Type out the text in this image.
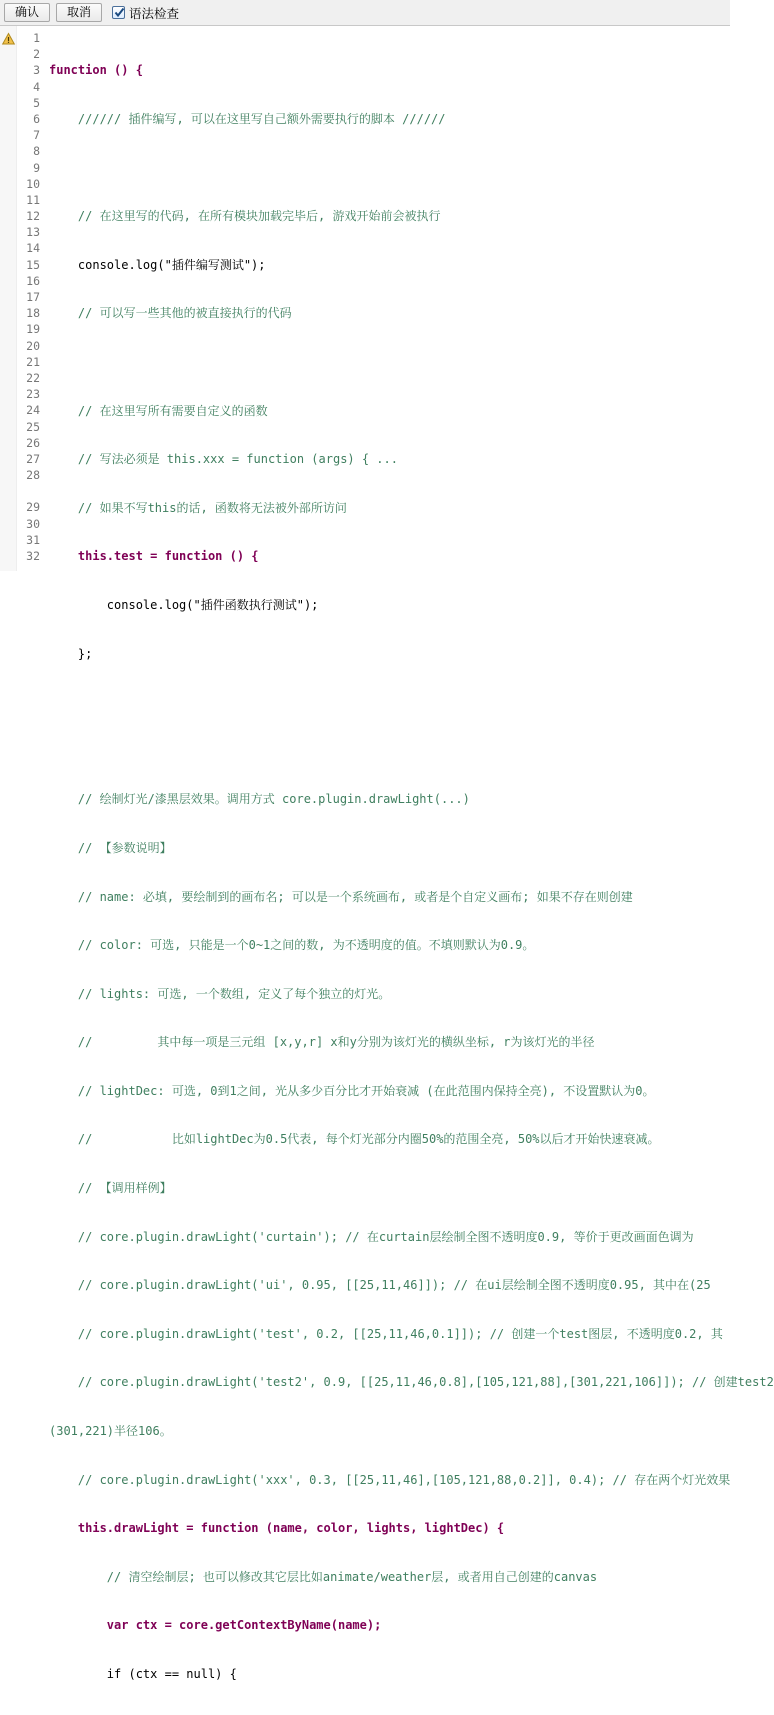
确认	取消	语法检查
1
2
3
4
5
6
7
8
9
10
11
12
13
14
15
16
17
18
19
20
21
22
23
24
25
26
27
28
29
30
31
32

function () {

////// 插件编写, 可以在这里写自己额外需要执行的脚本 //////

// 在这里写的代码, 在所有模块加载完毕后, 游戏开始前会被执行

console.log("插件编写测试");

// 可以写一些其他的被直接执行的代码

// 在这里写所有需要自定义的函数

// 写法必须是 this.xxx = function (args) { ...

// 如果不写this的话, 函数将无法被外部所访问

this.test = function () {

console.log("插件函数执行测试");

};

// 绘制灯光/漆黑层效果。调用方式 core.plugin.drawLight(...)

// 【参数说明】

// name: 必填, 要绘制到的画布名; 可以是一个系统画布, 或者是个自定义画布; 如果不存在则创建

// color: 可选, 只能是一个0~1之间的数, 为不透明度的值。不填则默认为0.9。

// lights: 可选, 一个数组, 定义了每个独立的灯光。

//         其中每一项是三元组 [x,y,r] x和y分别为该灯光的横纵坐标, r为该灯光的半径

// lightDec: 可选, 0到1之间, 光从多少百分比才开始衰减 (在此范围内保持全亮), 不设置默认为0。

//           比如lightDec为0.5代表, 每个灯光部分内圈50%的范围全亮, 50%以后才开始快速衰减。

// 【调用样例】

// core.plugin.drawLight('curtain'); // 在curtain层绘制全图不透明度0.9, 等价于更改画面色调为

// core.plugin.drawLight('ui', 0.95, [[25,11,46]]); // 在ui层绘制全图不透明度0.95, 其中在(25

// core.plugin.drawLight('test', 0.2, [[25,11,46,0.1]]); // 创建一个test图层, 不透明度0.2, 其

// core.plugin.drawLight('test2', 0.9, [[25,11,46,0.8],[105,121,88],[301,221,106]]); // 创建test2

(301,221)半径106。

// core.plugin.drawLight('xxx', 0.3, [[25,11,46],[105,121,88,0.2]], 0.4); // 存在两个灯光效果

this.drawLight = function (name, color, lights, lightDec) {

// 清空绘制层; 也可以修改其它层比如animate/weather层, 或者用自己创建的canvas

var ctx = core.getContextByName(name);

if (ctx == null) {
